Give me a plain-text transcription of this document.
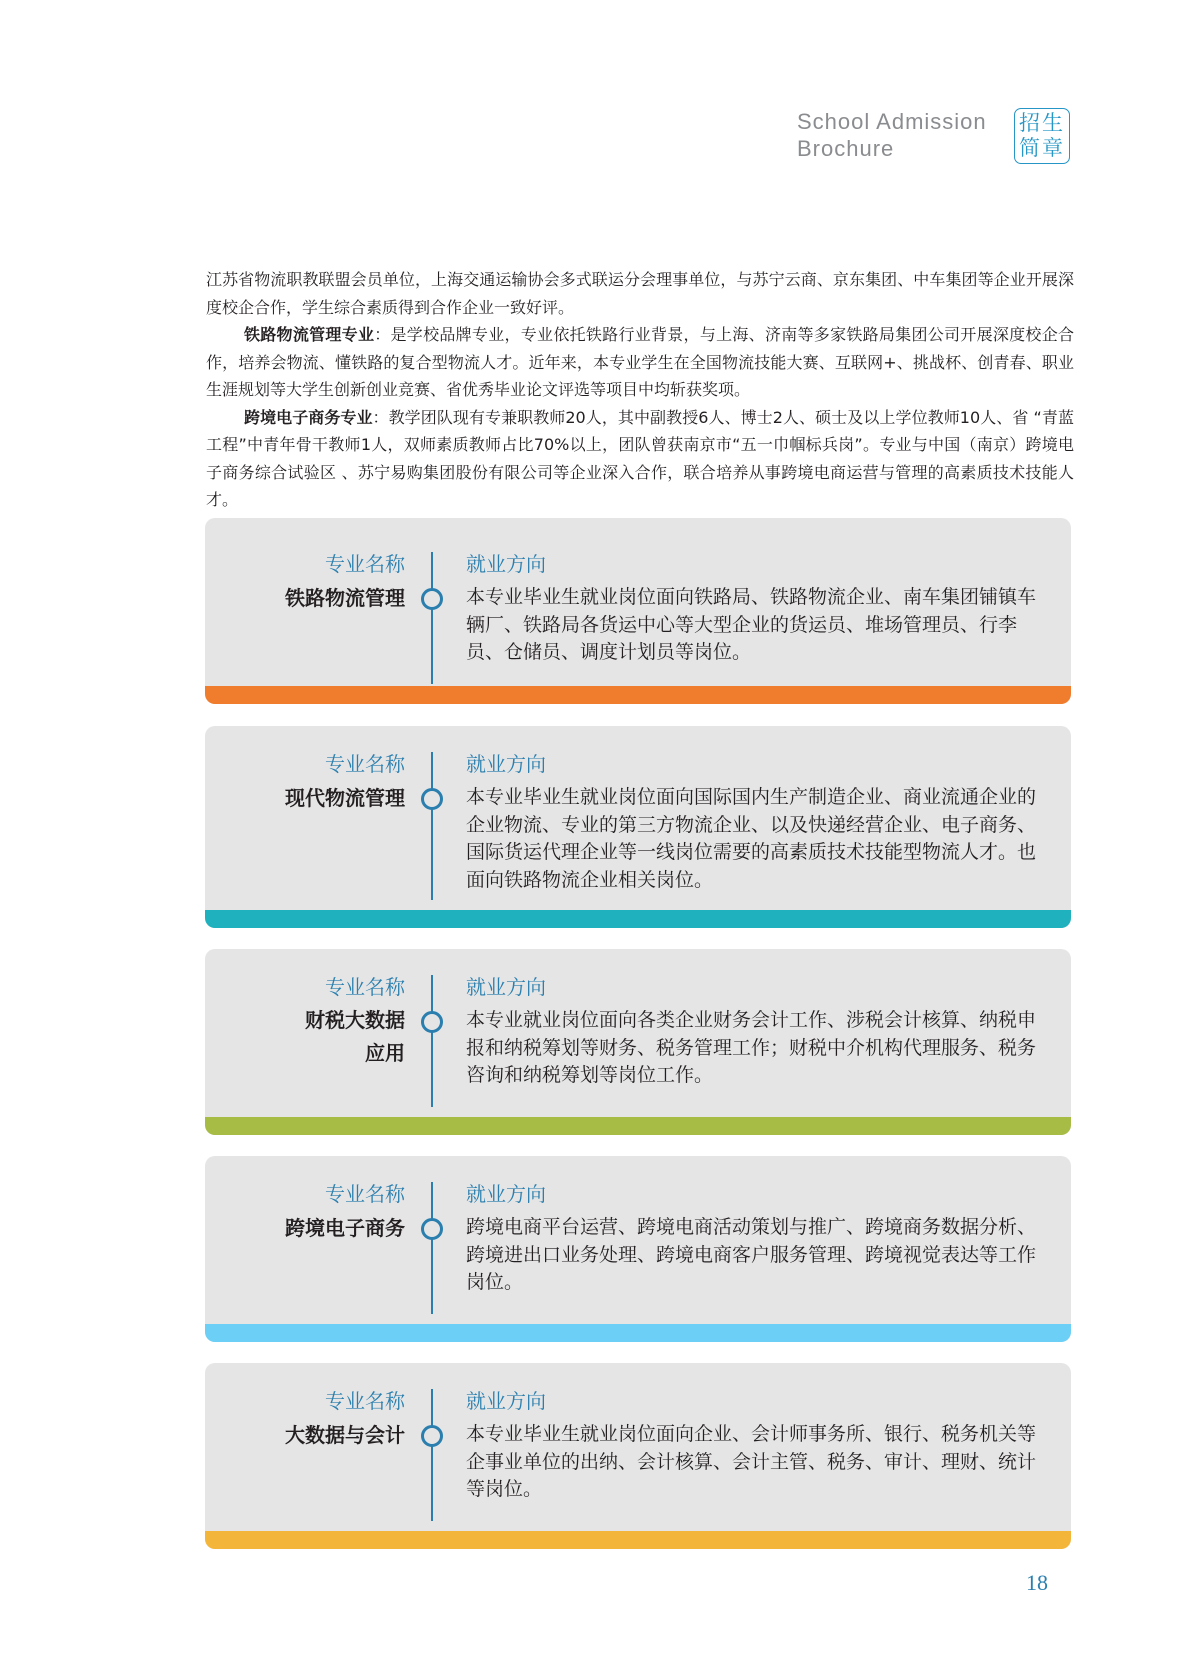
School Admission
Brochure
招生
简章

江苏省物流职教联盟会员单位，上海交通运输协会多式联运分会理事单位，与苏宁云商、京东集团、中车集团等企业开展深度校企合作，学生综合素质得到合作企业一致好评。

铁路物流管理专业：是学校品牌专业，专业依托铁路行业背景，与上海、济南等多家铁路局集团公司开展深度校企合作，培养会物流、懂铁路的复合型物流人才。近年来，本专业学生在全国物流技能大赛、互联网+、挑战杯、创青春、职业生涯规划等大学生创新创业竞赛、省优秀毕业论文评选等项目中均斩获奖项。

跨境电子商务专业：教学团队现有专兼职教师20人，其中副教授6人、博士2人、硕士及以上学位教师10人、省 “青蓝工程”中青年骨干教师1人，双师素质教师占比70%以上，团队曾获南京市“五一巾帼标兵岗”。专业与中国（南京）跨境电子商务综合试验区 、苏宁易购集团股份有限公司等企业深入合作，联合培养从事跨境电商运营与管理的高素质技术技能人才。

专业名称
铁路物流管理
就业方向
本专业毕业生就业岗位面向铁路局、铁路物流企业、南车集团铺镇车辆厂、铁路局各货运中心等大型企业的货运员、堆场管理员、行李员、仓储员、调度计划员等岗位。
专业名称
现代物流管理
就业方向
本专业毕业生就业岗位面向国际国内生产制造企业、商业流通企业的企业物流、专业的第三方物流企业、以及快递经营企业、电子商务、国际货运代理企业等一线岗位需要的高素质技术技能型物流人才。也面向铁路物流企业相关岗位。
专业名称
财税大数据
应用
就业方向
本专业就业岗位面向各类企业财务会计工作、涉税会计核算、纳税申报和纳税筹划等财务、税务管理工作；财税中介机构代理服务、税务咨询和纳税筹划等岗位工作。
专业名称
跨境电子商务
就业方向
跨境电商平台运营、跨境电商活动策划与推广、跨境商务数据分析、跨境进出口业务处理、跨境电商客户服务管理、跨境视觉表达等工作岗位。
专业名称
大数据与会计
就业方向
本专业毕业生就业岗位面向企业、会计师事务所、银行、税务机关等企事业单位的出纳、会计核算、会计主管、税务、审计、理财、统计等岗位。
18
